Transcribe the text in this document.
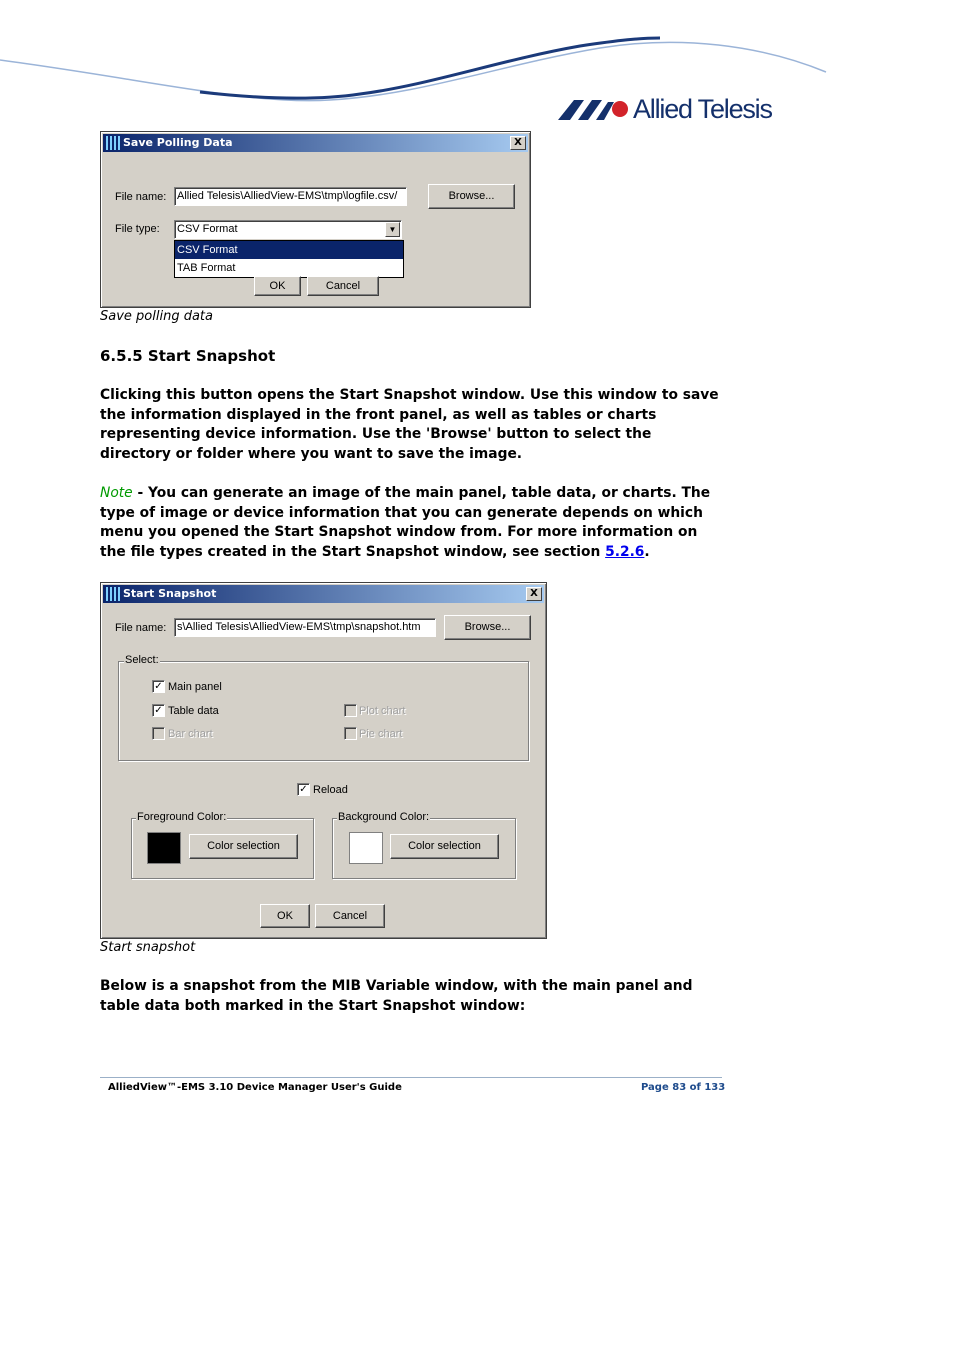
Allied Telesis
Save Polling Data	X
File name: Allied Telesis\AlliedView-EMS\tmp\logfile.csv/	Browse...
File type: CSV Format	▼
CSV Format
TAB Format
OK	Cancel
Save polling data
6.5.5 Start Snapshot

Clicking this button opens the Start Snapshot window. Use this window to save the information displayed in the front panel, as well as tables or charts representing device information. Use the 'Browse' button to select the directory or folder where you want to save the image.

Note - You can generate an image of the main panel, table data, or charts. The type of image or device information that you can generate depends on which menu you opened the Start Snapshot window from. For more information on the file types created in the Start Snapshot window, see section 5.2.6.

Start Snapshot	X
File name: s\Allied Telesis\AlliedView-EMS\tmp\snapshot.htm	Browse...
Select:
✓ Main panel
✓ Table data
Bar chart
Plot chart
Pie chart
✓ Reload
Foreground Color:
Color selection
Background Color:
Color selection
OK	Cancel
Start snapshot

Below is a snapshot from the MIB Variable window, with the main panel and table data both marked in the Start Snapshot window:

AlliedView™-EMS 3.10 Device Manager User's Guide	Page 83 of 133
